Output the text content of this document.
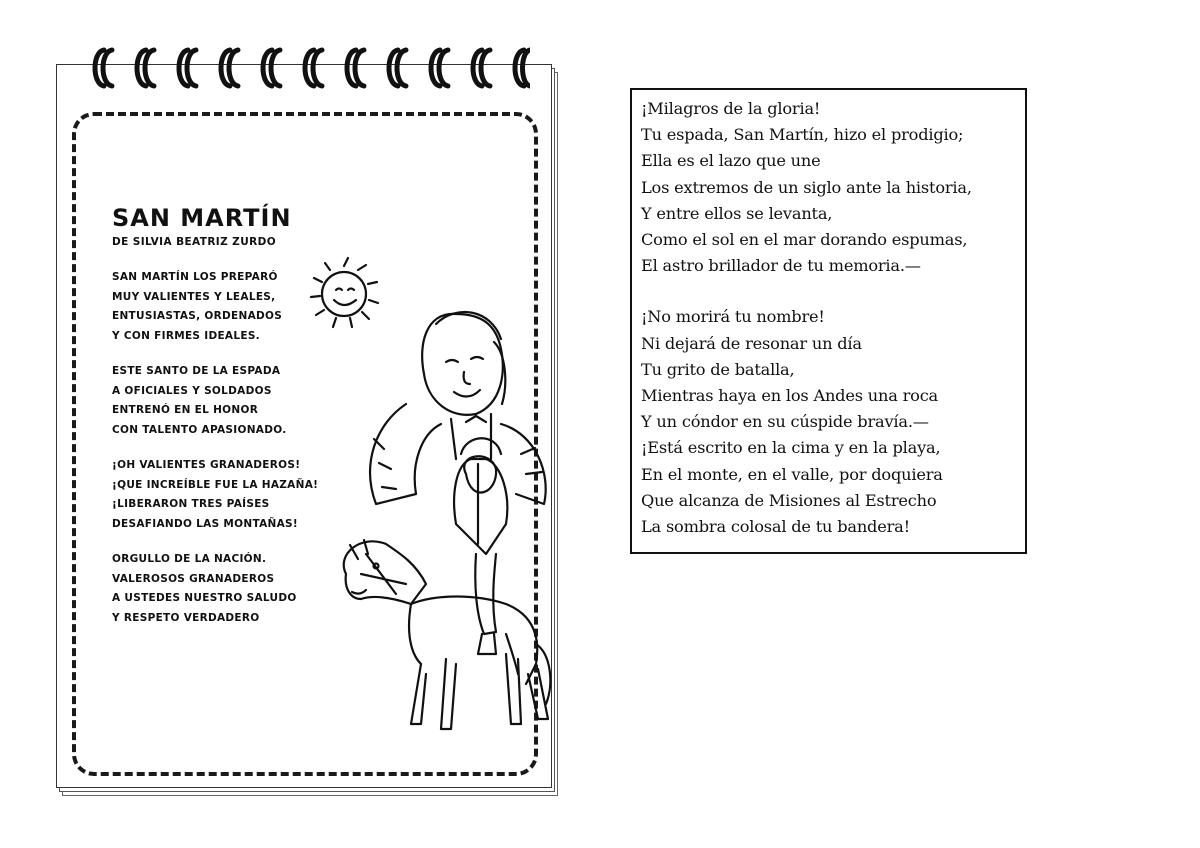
SAN MARTÍN
DE SILVIA BEATRIZ ZURDO
SAN MARTÍN LOS PREPARÓ
MUY VALIENTES Y LEALES,
ENTUSIASTAS, ORDENADOS
Y CON FIRMES IDEALES.
ESTE SANTO DE LA ESPADA
A OFICIALES Y SOLDADOS
ENTRENÓ EN EL HONOR
CON TALENTO APASIONADO.
¡OH VALIENTES GRANADEROS!
¡QUE INCREÍBLE FUE LA HAZAÑA!
¡LIBERARON TRES PAÍSES
DESAFIANDO LAS MONTAÑAS!
ORGULLO DE LA NACIÓN.
VALEROSOS GRANADEROS
A USTEDES NUESTRO SALUDO
Y RESPETO VERDADERO
¡Milagros de la gloria!
Tu espada, San Martín, hizo el prodigio;
Ella es el lazo que une
Los extremos de un siglo ante la historia,
Y entre ellos se levanta,
Como el sol en el mar dorando espumas,
El astro brillador de tu memoria.—
¡No morirá tu nombre!
Ni dejará de resonar un día
Tu grito de batalla,
Mientras haya en los Andes una roca
Y un cóndor en su cúspide bravía.—
¡Está escrito en la cima y en la playa,
En el monte, en el valle, por doquiera
Que alcanza de Misiones al Estrecho
La sombra colosal de tu bandera!
